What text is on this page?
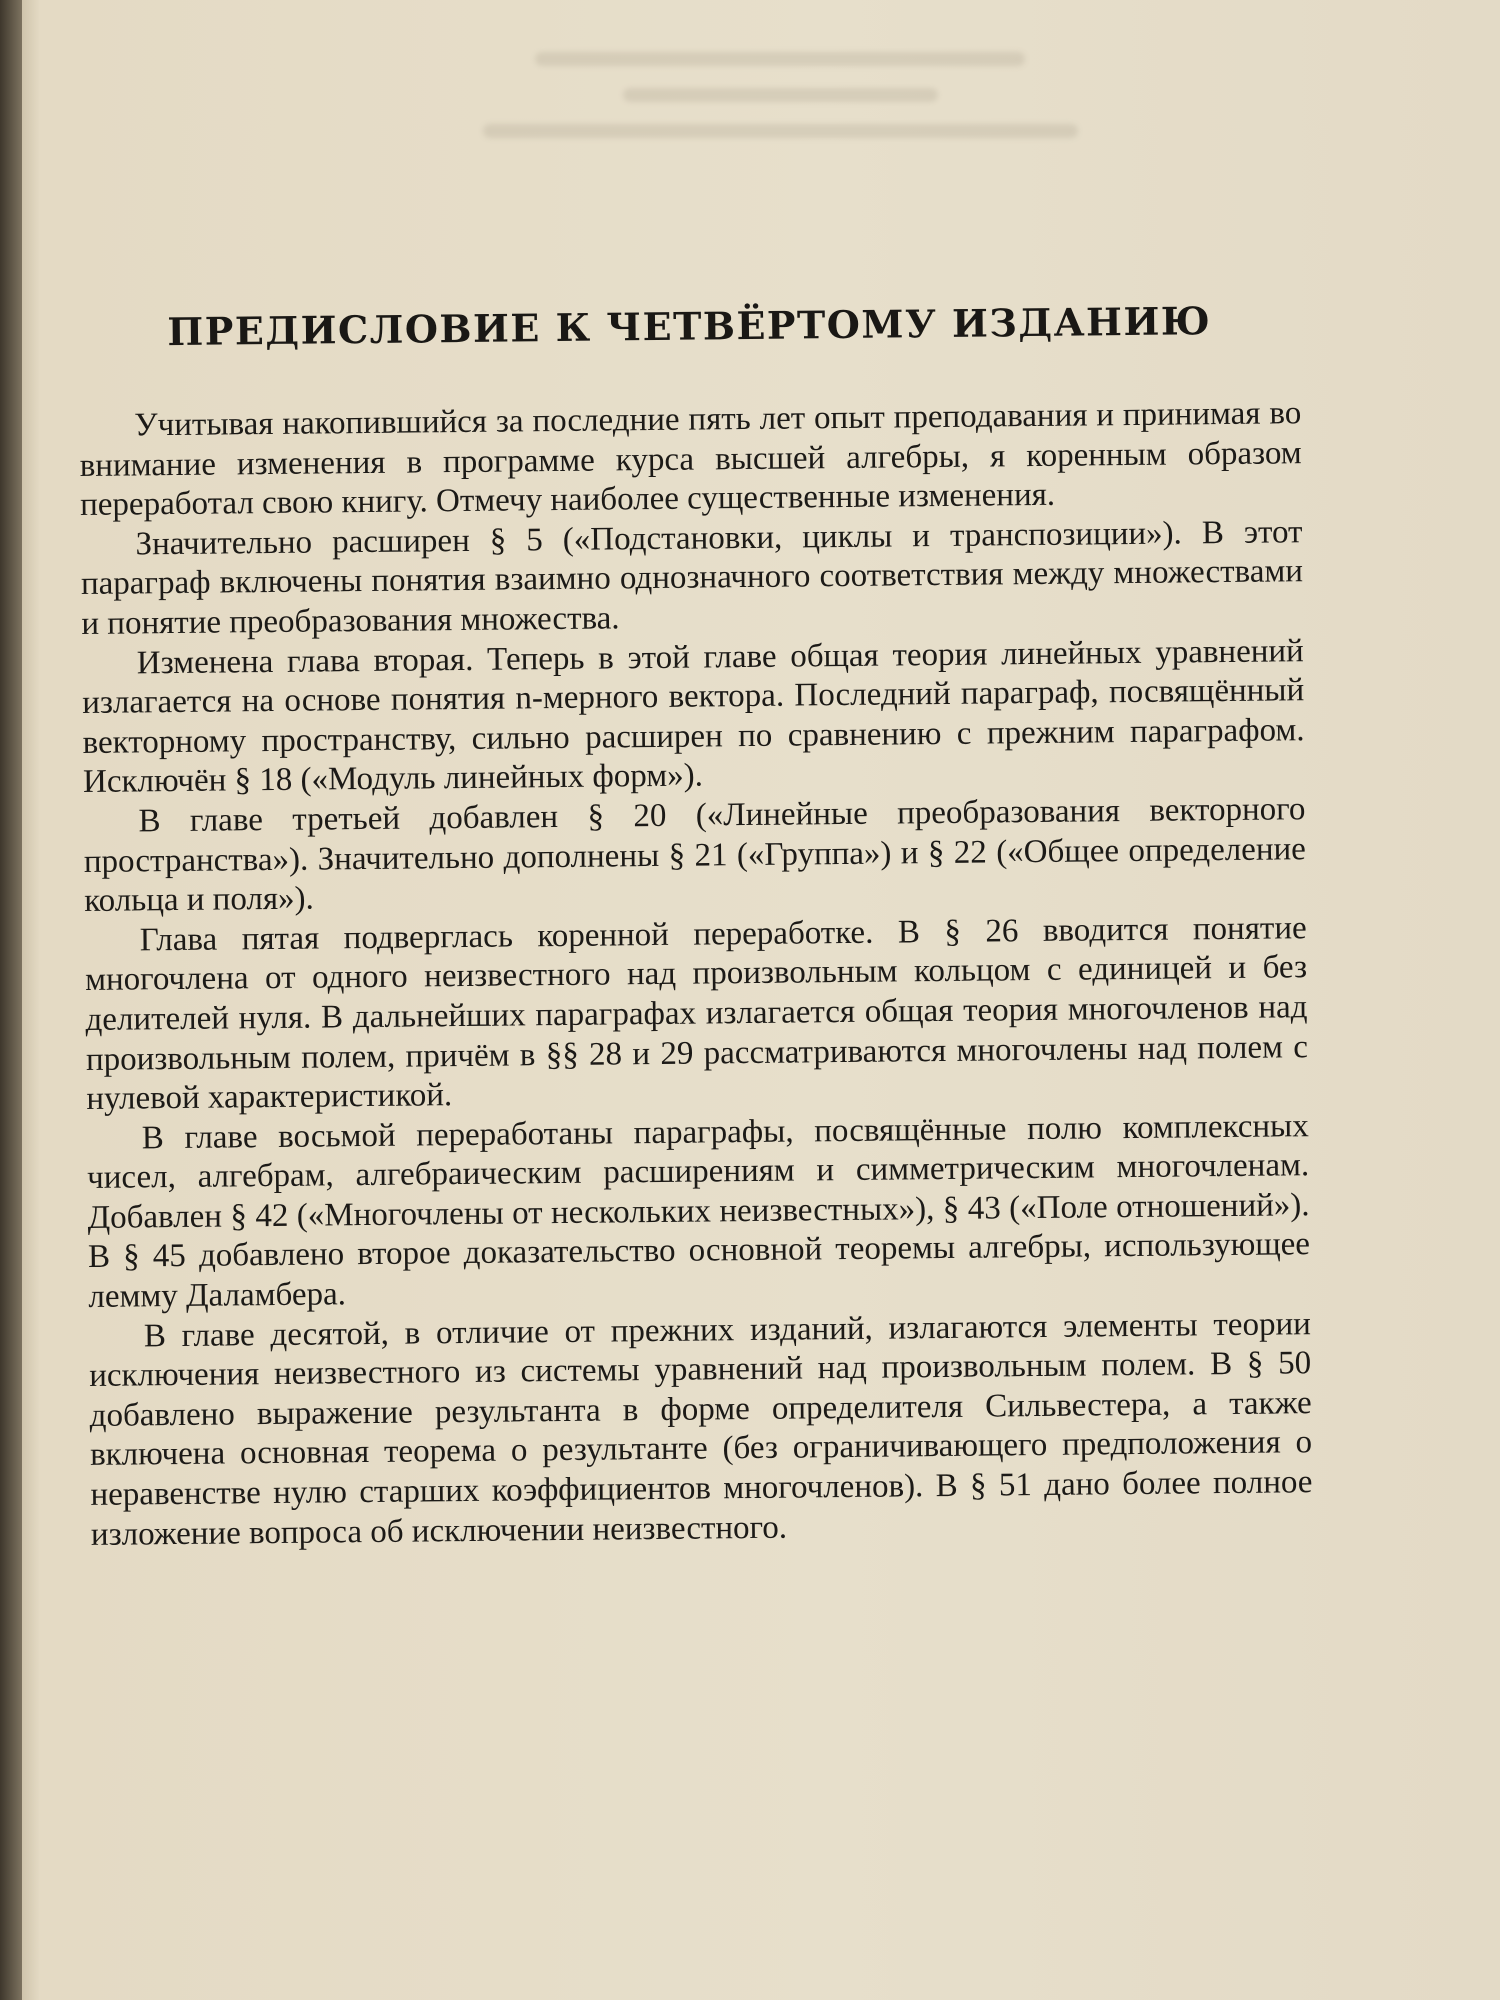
ПРЕДИСЛОВИЕ К ЧЕТВЁРТОМУ ИЗДАНИЮ

Учитывая накопившийся за последние пять лет опыт преподавания и принимая во внимание изменения в программе курса высшей алгебры, я коренным образом переработал свою книгу. Отмечу наиболее существенные изменения.

Значительно расширен § 5 («Подстановки, циклы и транспозиции»). В этот параграф включены понятия взаимно однозначного соответствия между множествами и понятие преобразования множества.

Изменена глава вторая. Теперь в этой главе общая теория линейных уравнений излагается на основе понятия n-мерного вектора. Последний параграф, посвящённый векторному пространству, сильно расширен по сравнению с прежним параграфом. Исключён § 18 («Модуль линейных форм»).

В главе третьей добавлен § 20 («Линейные преобразования векторного пространства»). Значительно дополнены § 21 («Группа») и § 22 («Общее определение кольца и поля»).

Глава пятая подверглась коренной переработке. В § 26 вводится понятие многочлена от одного неизвестного над произвольным кольцом с единицей и без делителей нуля. В дальнейших параграфах излагается общая теория многочленов над произвольным полем, причём в §§ 28 и 29 рассматриваются многочлены над полем с нулевой характеристикой.

В главе восьмой переработаны параграфы, посвящённые полю комплексных чисел, алгебрам, алгебраическим расширениям и симметрическим многочленам. Добавлен § 42 («Многочлены от нескольких неизвестных»), § 43 («Поле отношений»). В § 45 добавлено второе доказательство основной теоремы алгебры, использующее лемму Даламбера.

В главе десятой, в отличие от прежних изданий, излагаются элементы теории исключения неизвестного из системы уравнений над произвольным полем. В § 50 добавлено выражение результанта в форме определителя Сильвестера, а также включена основная теорема о результанте (без ограничивающего предположения о неравенстве нулю старших коэффициентов многочленов). В § 51 дано более полное изложение вопроса об исключении неизвестного.
